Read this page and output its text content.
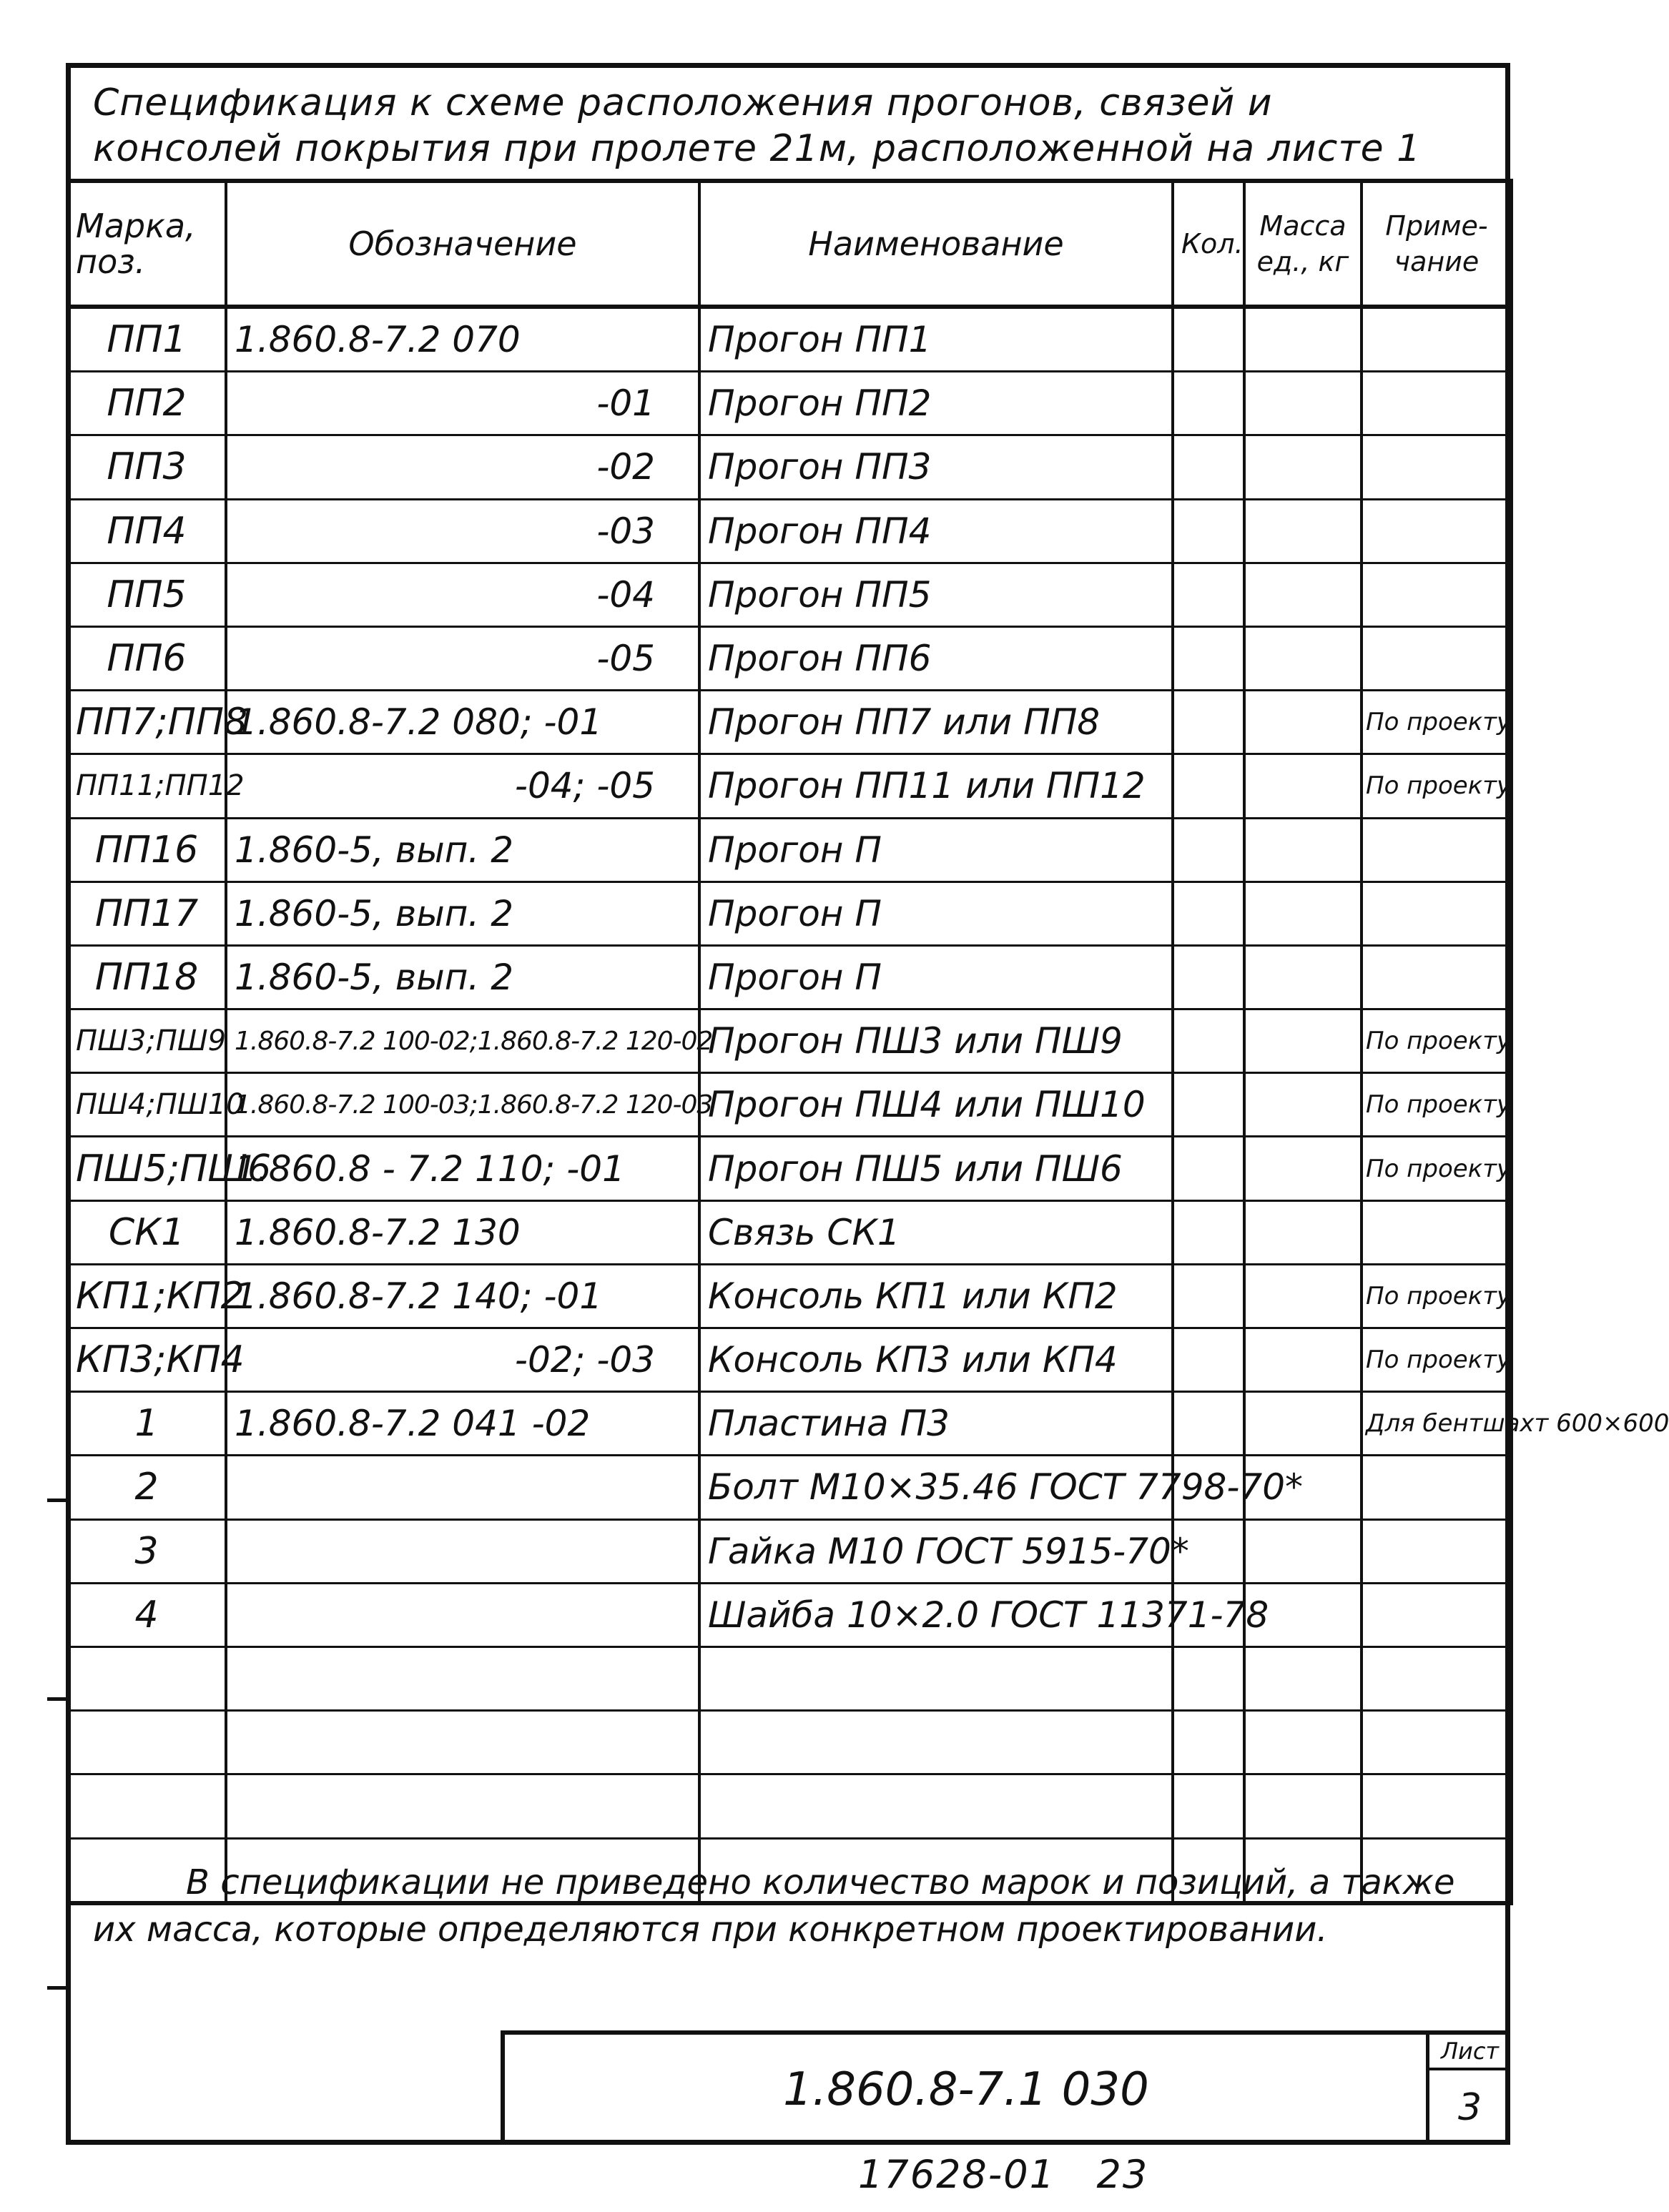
Спецификация к схеме расположения прогонов, связей и
консолей покрытия при пролете 21м, расположенной на листе 1
Марка, поз.	Обозначение	Наименование	Кол.	Масса ед., кг	Приме- чание
ПП1	1.860.8-7.2 070	Прогон ПП1			
ПП2	-01	Прогон ПП2			
ПП3	-02	Прогон ПП3			
ПП4	-03	Прогон ПП4			
ПП5	-04	Прогон ПП5			
ПП6	-05	Прогон ПП6			
ПП7;ПП8	1.860.8-7.2 080; -01	Прогон ПП7 или ПП8			По проекту
ПП11;ПП12	-04; -05	Прогон ПП11 или ПП12			По проекту
ПП16	1.860-5, вып. 2	Прогон П			
ПП17	1.860-5, вып. 2	Прогон П			
ПП18	1.860-5, вып. 2	Прогон П			
ПШ3;ПШ9	1.860.8-7.2 100-02;1.860.8-7.2 120-02	Прогон ПШ3 или ПШ9			По проекту
ПШ4;ПШ10	1.860.8-7.2 100-03;1.860.8-7.2 120-03	Прогон ПШ4 или ПШ10			По проекту
ПШ5;ПШ6	1.860.8 - 7.2 110; -01	Прогон ПШ5 или ПШ6			По проекту
СК1	1.860.8-7.2 130	Связь СК1			
КП1;КП2	1.860.8-7.2 140; -01	Консоль КП1 или КП2			По проекту
КП3;КП4	-02; -03	Консоль КП3 или КП4			По проекту
1	1.860.8-7.2 041 -02	Пластина П3			Для бентшахт 600×600
2		Болт М10×35.46 ГОСТ 7798-70*			
3		Гайка М10 ГОСТ 5915-70*			
4		Шайба 10×2.0 ГОСТ 11371-78			

В спецификации не приведено количество марок и позиций, а также их масса, которые определяются при конкретном проектировании.
1.860.8-7.1 030
Лист
3
17628-01   23
